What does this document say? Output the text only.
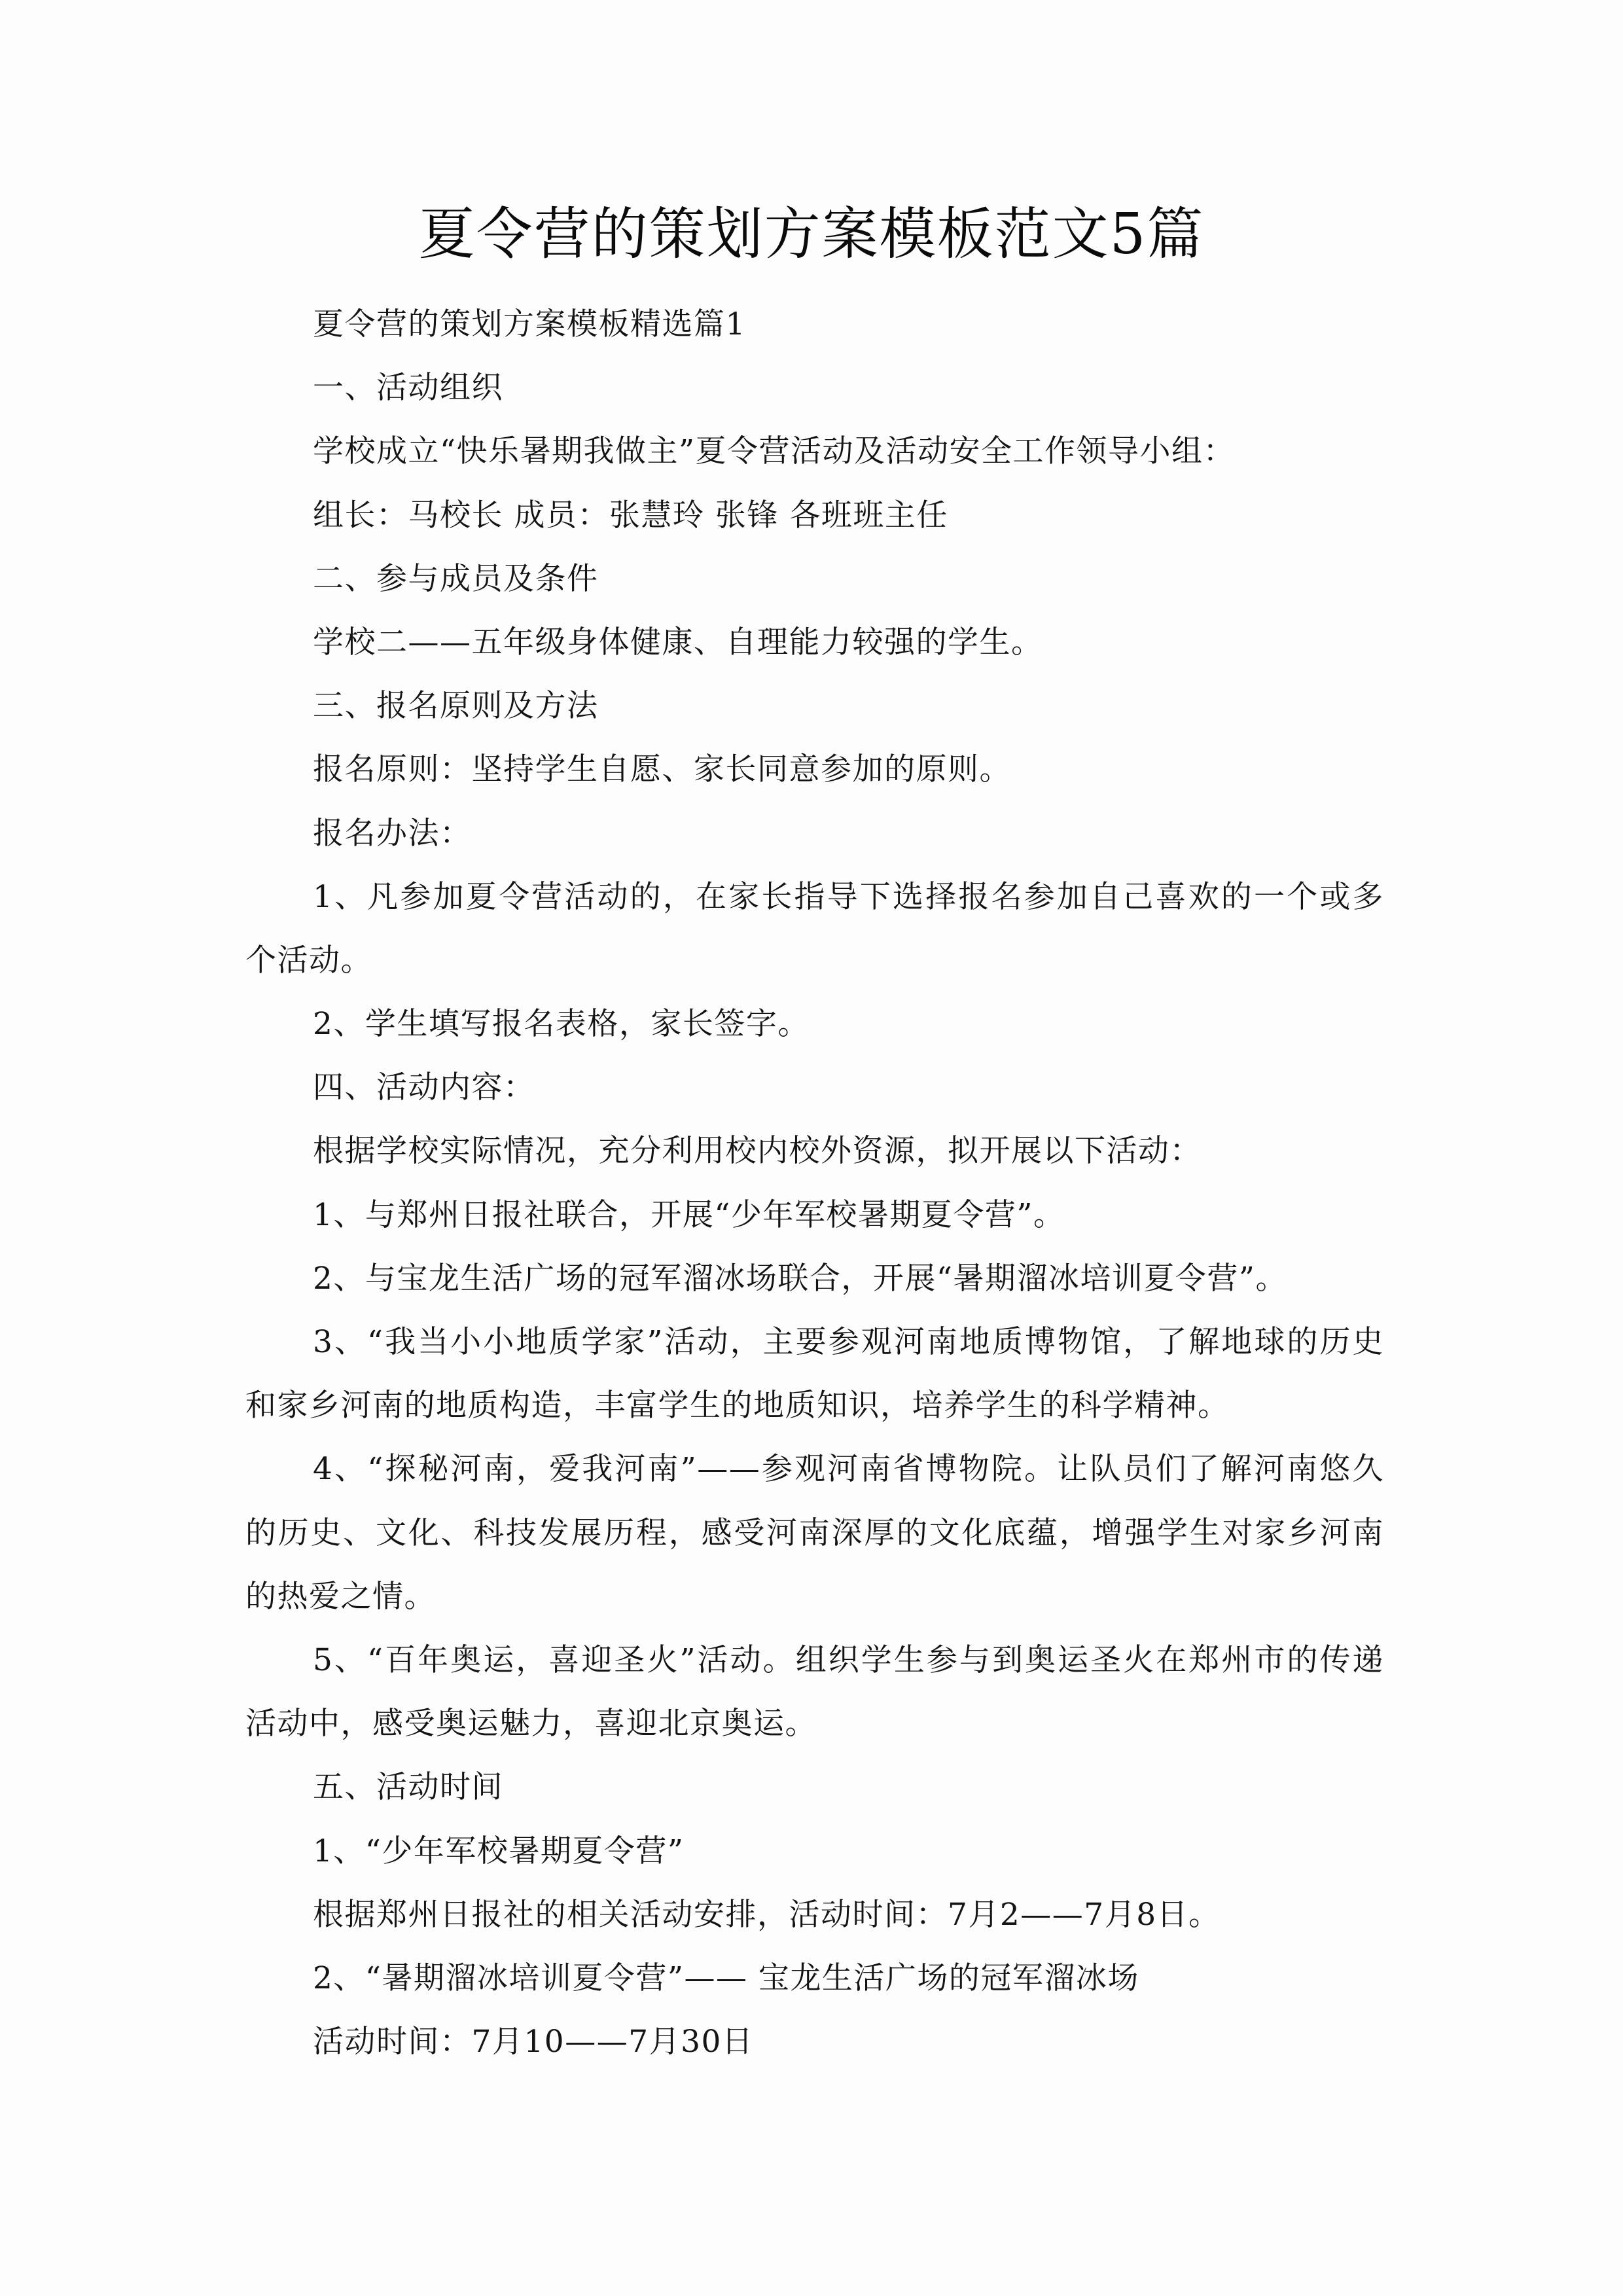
夏令营的策划方案模板范文5篇
夏令营的策划方案模板精选篇1
一、活动组织
学校成立“快乐暑期我做主”夏令营活动及活动安全工作领导小组：
组长：马校长 成员：张慧玲 张锋 各班班主任
二、参与成员及条件
学校二——五年级身体健康、自理能力较强的学生。
三、报名原则及方法
报名原则：坚持学生自愿、家长同意参加的原则。
报名办法：
1、凡参加夏令营活动的，在家长指导下选择报名参加自己喜欢的一个或多
个活动。
2、学生填写报名表格，家长签字。
四、活动内容：
根据学校实际情况，充分利用校内校外资源，拟开展以下活动：
1、与郑州日报社联合，开展“少年军校暑期夏令营”。
2、与宝龙生活广场的冠军溜冰场联合，开展“暑期溜冰培训夏令营”。
3、“我当小小地质学家”活动，主要参观河南地质博物馆，了解地球的历史
和家乡河南的地质构造，丰富学生的地质知识，培养学生的科学精神。
4、“探秘河南，爱我河南”——参观河南省博物院。让队员们了解河南悠久
的历史、文化、科技发展历程，感受河南深厚的文化底蕴，增强学生对家乡河南
的热爱之情。
5、“百年奥运，喜迎圣火”活动。组织学生参与到奥运圣火在郑州市的传递
活动中，感受奥运魅力，喜迎北京奥运。
五、活动时间
1、“少年军校暑期夏令营”
根据郑州日报社的相关活动安排，活动时间：7月2——7月8日。
2、“暑期溜冰培训夏令营”—— 宝龙生活广场的冠军溜冰场
活动时间：7月10——7月30日
